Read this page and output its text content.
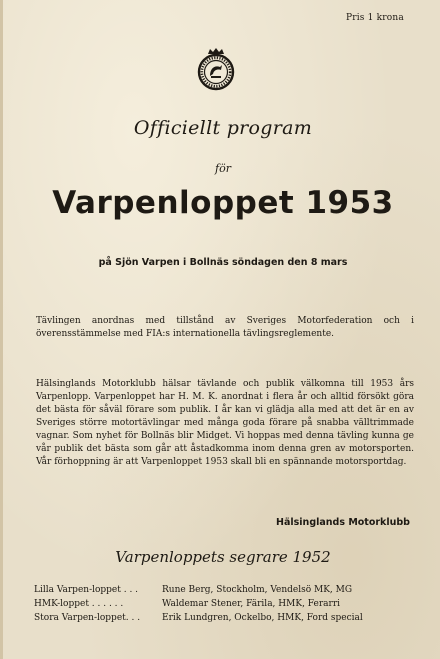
Pris 1 krona
Officiellt program
för
Varpenloppet 1953
på Sjön Varpen i Bollnäs söndagen den 8 mars
Tävlingen anordnas med tillstånd av Sveriges Motorfederation och i överensstämmelse med FIA:s internationella tävlingsreglemente.
Hälsinglands Motorklubb hälsar tävlande och publik välkomna till 1953 års Varpenlopp. Varpenloppet har H. M. K. anordnat i flera år och alltid försökt göra det bästa för såväl förare som publik. I år kan vi glädja alla med att det är en av Sveriges större motortävlingar med många goda förare på snabba välltrimmade vagnar. Som nyhet för Bollnäs blir Midget. Vi hoppas med denna tävling kunna ge vår publik det bästa som går att åstadkomma inom denna gren av motorsporten. Vår förhoppning är att Varpenloppet 1953 skall bli en spännande motorsportdag.
Hälsinglands Motorklubb
Varpenloppets segrare 1952
Lilla Varpen-loppet . . .	Rune Berg, Stockholm, Vendelsö MK, MG
HMK-loppet . . . . . .	Waldemar Stener, Färila, HMK, Ferarri
Stora Varpen-loppet. . .	Erik Lundgren, Ockelbo, HMK, Ford special
